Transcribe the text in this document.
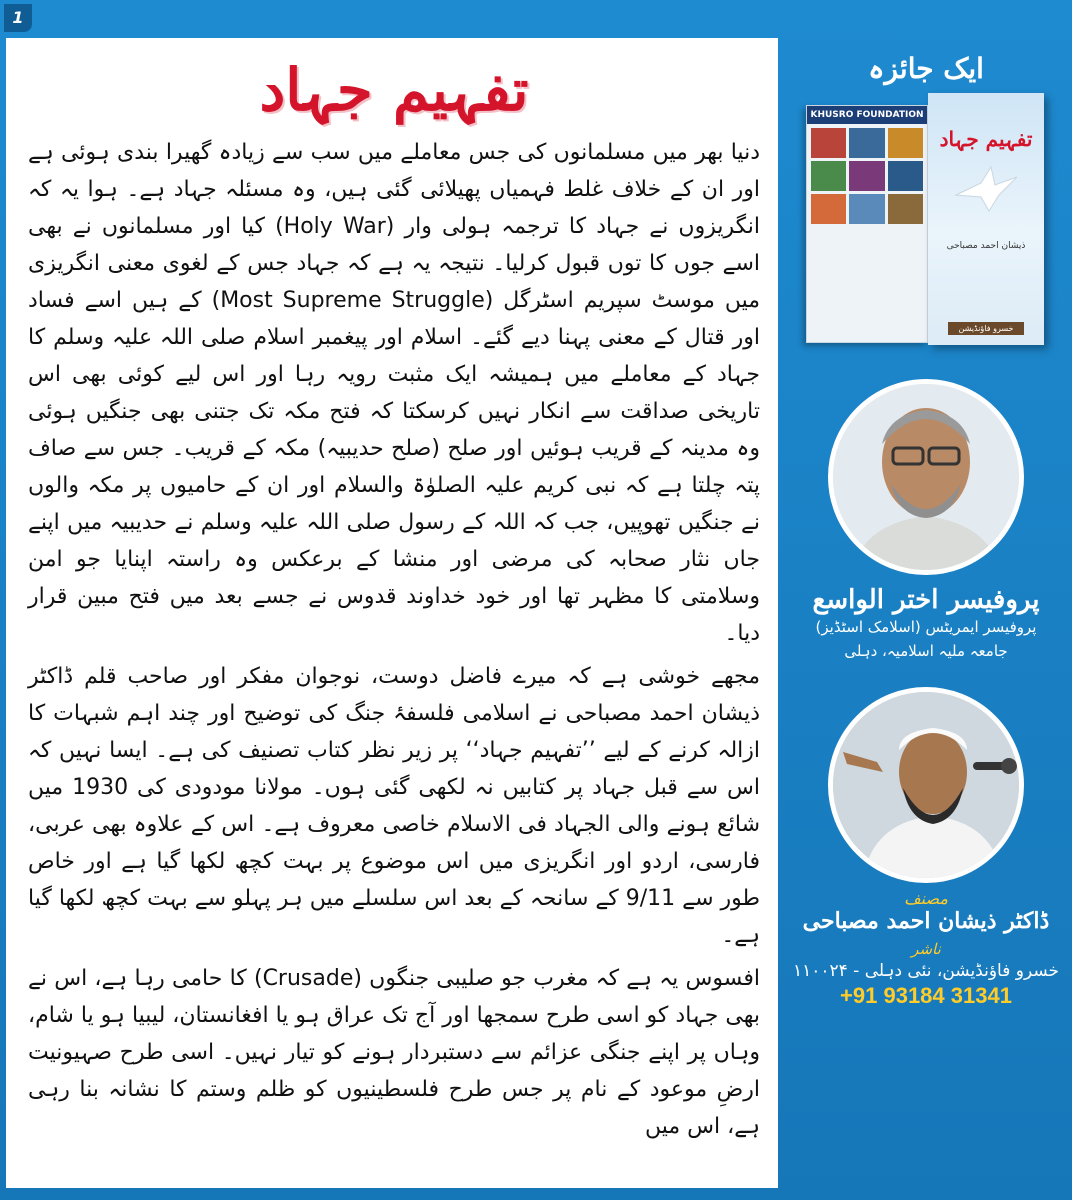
1
تفہیم جہاد

دنیا بھر میں مسلمانوں کی جس معاملے میں سب سے زیادہ گھیرا بندی ہوئی ہے اور ان کے خلاف غلط فہمیاں پھیلائی گئی ہیں، وہ مسئلہ جہاد ہے۔ ہوا یہ کہ انگریزوں نے جہاد کا ترجمہ ہولی وار (Holy War) کیا اور مسلمانوں نے بھی اسے جوں کا توں قبول کرلیا۔ نتیجہ یہ ہے کہ جہاد جس کے لغوی معنی انگریزی میں موسٹ سپریم اسٹرگل (Most Supreme Struggle) کے ہیں اسے فساد اور قتال کے معنی پہنا دیے گئے۔ اسلام اور پیغمبر اسلام صلی اللہ علیہ وسلم کا جہاد کے معاملے میں ہمیشہ ایک مثبت رویہ رہا اور اس لیے کوئی بھی اس تاریخی صداقت سے انکار نہیں کرسکتا کہ فتح مکہ تک جتنی بھی جنگیں ہوئی وہ مدینہ کے قریب ہوئیں اور صلح (صلح حدیبیہ) مکہ کے قریب۔ جس سے صاف پتہ چلتا ہے کہ نبی کریم علیہ الصلوٰۃ والسلام اور ان کے حامیوں پر مکہ والوں نے جنگیں تھوپیں، جب کہ اللہ کے رسول صلی اللہ علیہ وسلم نے حدیبیہ میں اپنے جاں نثار صحابہ کی مرضی اور منشا کے برعکس وہ راستہ اپنایا جو امن وسلامتی کا مظہر تھا اور خود خداوند قدوس نے جسے بعد میں فتح مبین قرار دیا۔

مجھے خوشی ہے کہ میرے فاضل دوست، نوجوان مفکر اور صاحب قلم ڈاکٹر ذیشان احمد مصباحی نے اسلامی فلسفۂ جنگ کی توضیح اور چند اہم شبہات کا ازالہ کرنے کے لیے ’’تفہیم جہاد‘‘ پر زیر نظر کتاب تصنیف کی ہے۔ ایسا نہیں کہ اس سے قبل جہاد پر کتابیں نہ لکھی گئی ہوں۔ مولانا مودودی کی 1930 میں شائع ہونے والی الجہاد فی الاسلام خاصی معروف ہے۔ اس کے علاوہ بھی عربی، فارسی، اردو اور انگریزی میں اس موضوع پر بہت کچھ لکھا گیا ہے اور خاص طور سے 9/11 کے سانحہ کے بعد اس سلسلے میں ہر پہلو سے بہت کچھ لکھا گیا ہے۔

افسوس یہ ہے کہ مغرب جو صلیبی جنگوں (Crusade) کا حامی رہا ہے، اس نے بھی جہاد کو اسی طرح سمجھا اور آج تک عراق ہو یا افغانستان، لیبیا ہو یا شام، وہاں پر اپنے جنگی عزائم سے دستبردار ہونے کو تیار نہیں۔ اسی طرح صہیونیت ارضِ موعود کے نام پر جس طرح فلسطینیوں کو ظلم وستم کا نشانہ بنا رہی ہے، اس میں

ایک جائزہ
KHUSRO FOUNDATION
تفہیم جہاد
ذیشان احمد مصباحی
خسرو فاؤنڈیشن
پروفیسر اختر الواسع
پروفیسر ایمریٹس (اسلامک اسٹڈیز)
جامعہ ملیہ اسلامیہ، دہلی
مصنف
ڈاکٹر ذیشان احمد مصباحی
ناشر
خسرو فاؤنڈیشن، نئی دہلی - ۱۱۰۰۲۴
+91 93184 31341
